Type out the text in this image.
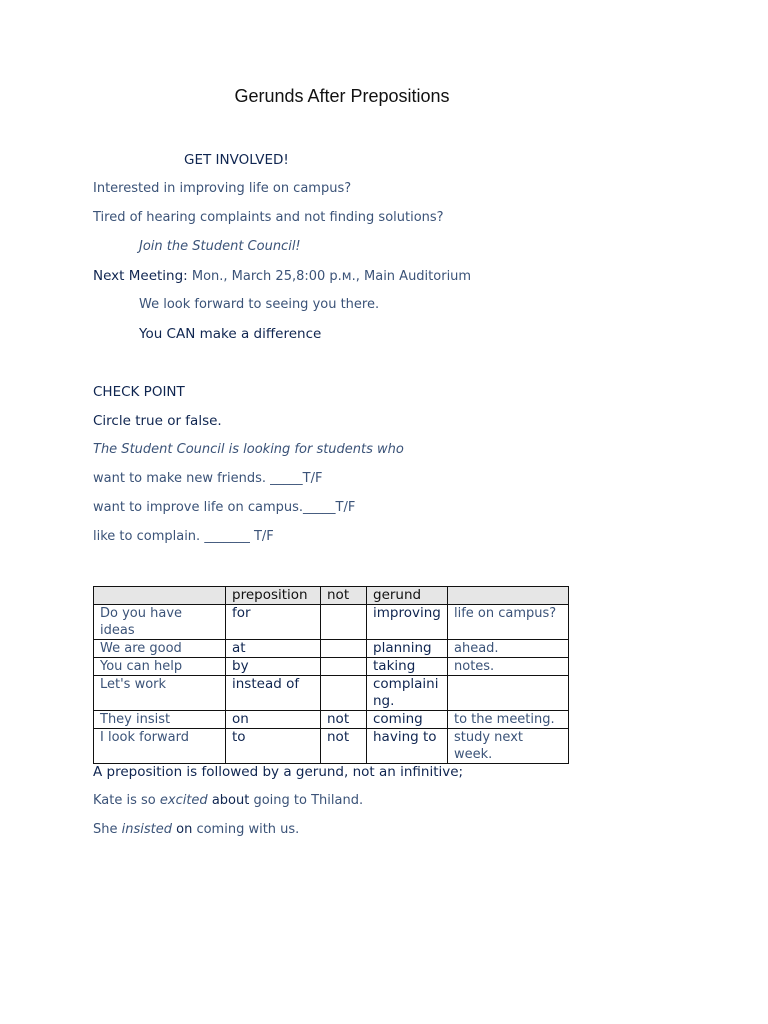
Gerunds After Prepositions
GET INVOLVED!
Interested in improving life on campus?
Tired of hearing complaints and not finding solutions?
Join the Student Council!
Next Meeting: Mon., March 25,8:00 p.ᴍ., Main Auditorium
We look forward to seeing you there.
You CAN make a difference
CHECK POINT
Circle true or false.
The Student Council is looking for students who
want to make new friends. _____T/F
want to improve life on campus._____T/F
like to complain. _______ T/F
	preposition	not	gerund	
Do you have ideas	for		improving	life on campus?
We are good	at		planning	ahead.
You can help	by		taking	notes.
Let's work	instead of		complaining.	
They insist	on	not	coming	to the meeting.
I look forward	to	not	having to	study next week.
A preposition is followed by a gerund, not an infinitive;
Kate is so excited about going to Thiland.
She insisted on coming with us.
